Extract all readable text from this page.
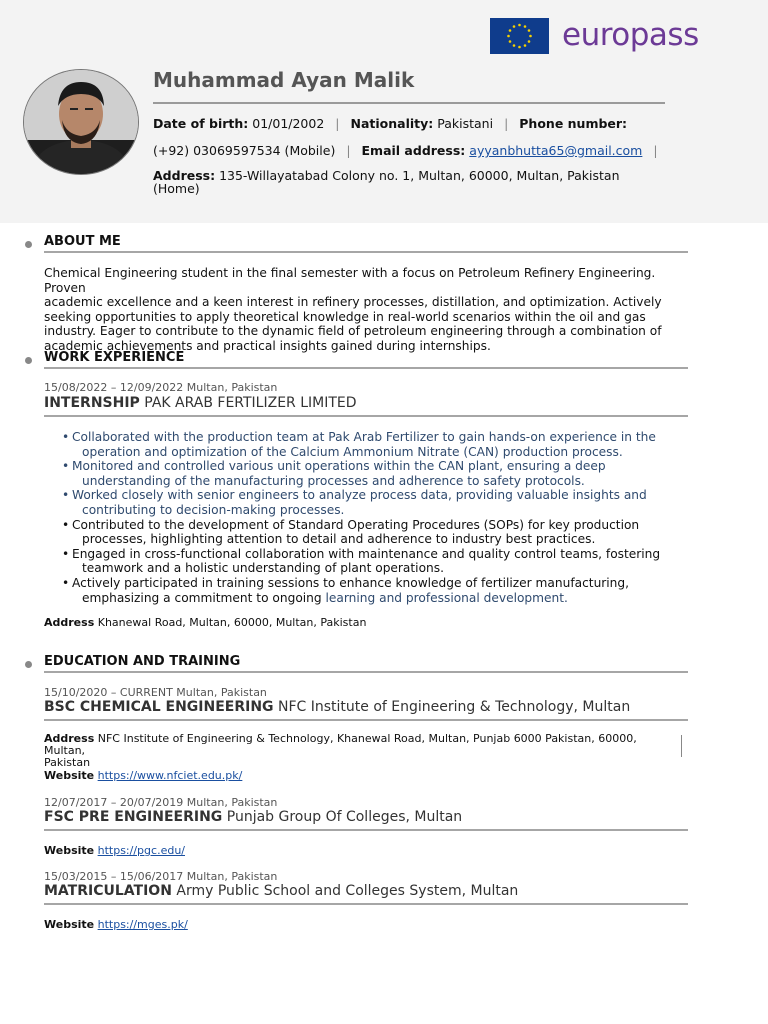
europass
Muhammad Ayan Malik
Date of birth: 01/01/2002 | Nationality: Pakistani | Phone number:
(+92) 03069597534 (Mobile) | Email address: ayyanbhutta65@gmail.com |
Address: 135-Willayatabad Colony no. 1, Multan, 60000, Multan, Pakistan
(Home)
ABOUT ME
Chemical Engineering student in the final semester with a focus on Petroleum Refinery Engineering. Proven
academic excellence and a keen interest in refinery processes, distillation, and optimization. Actively
seeking opportunities to apply theoretical knowledge in real-world scenarios within the oil and gas
industry. Eager to contribute to the dynamic field of petroleum engineering through a combination of
academic achievements and practical insights gained during internships.
WORK EXPERIENCE
15/08/2022 – 12/09/2022 Multan, Pakistan
INTERNSHIP PAK ARAB FERTILIZER LIMITED
• Collaborated with the production team at Pak Arab Fertilizer to gain hands-on experience in the
operation and optimization of the Calcium Ammonium Nitrate (CAN) production process.
• Monitored and controlled various unit operations within the CAN plant, ensuring a deep
understanding of the manufacturing processes and adherence to safety protocols.
• Worked closely with senior engineers to analyze process data, providing valuable insights and
contributing to decision-making processes.
• Contributed to the development of Standard Operating Procedures (SOPs) for key production
processes, highlighting attention to detail and adherence to industry best practices.
• Engaged in cross-functional collaboration with maintenance and quality control teams, fostering
teamwork and a holistic understanding of plant operations.
• Actively participated in training sessions to enhance knowledge of fertilizer manufacturing,
emphasizing a commitment to ongoing learning and professional development.
Address Khanewal Road, Multan, 60000, Multan, Pakistan
EDUCATION AND TRAINING
15/10/2020 – CURRENT Multan, Pakistan
BSC CHEMICAL ENGINEERING NFC Institute of Engineering & Technology, Multan
Address NFC Institute of Engineering & Technology, Khanewal Road, Multan, Punjab 6000 Pakistan, 60000, Multan,
Pakistan
Website https://www.nfciet.edu.pk/
12/07/2017 – 20/07/2019 Multan, Pakistan
FSC PRE ENGINEERING Punjab Group Of Colleges, Multan
Website https://pgc.edu/
15/03/2015 – 15/06/2017 Multan, Pakistan
MATRICULATION Army Public School and Colleges System, Multan
Website https://mges.pk/
